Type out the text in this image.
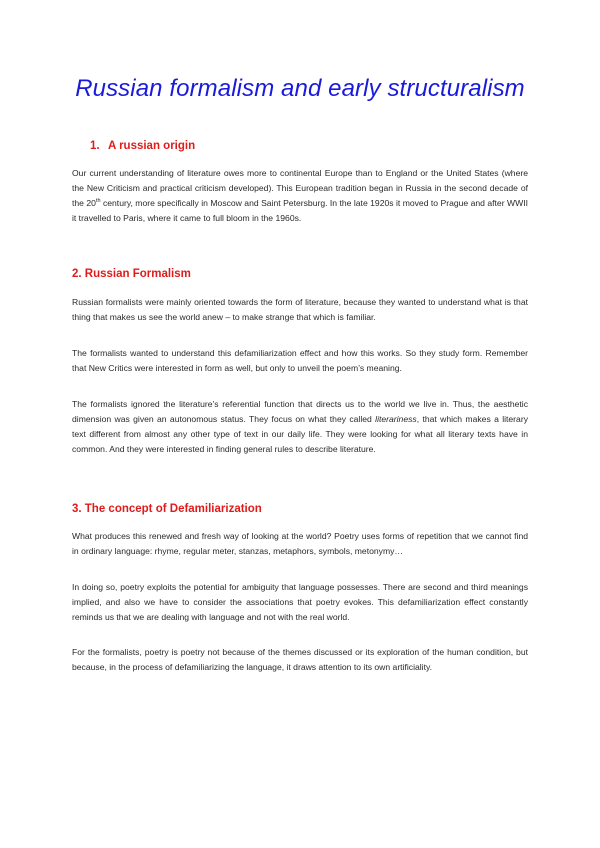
Russian formalism and early structuralism
1. A russian origin

Our current understanding of literature owes more to continental Europe than to England or the United States (where the New Criticism and practical criticism developed). This European tradition began in Russia in the second decade of the 20th century, more specifically in Moscow and Saint Petersburg. In the late 1920s it moved to Prague and after WWII it travelled to Paris, where it came to full bloom in the 1960s.

2. Russian Formalism

Russian formalists were mainly oriented towards the form of literature, because they wanted to understand what is that thing that makes us see the world anew – to make strange that which is familiar.

The formalists wanted to understand this defamiliarization effect and how this works. So they study form. Remember that New Critics were interested in form as well, but only to unveil the poem’s meaning.

The formalists ignored the literature’s referential function that directs us to the world we live in. Thus, the aesthetic dimension was given an autonomous status. They focus on what they called literariness, that which makes a literary text different from almost any other type of text in our daily life. They were looking for what all literary texts have in common. And they were interested in finding general rules to describe literature.

3. The concept of Defamiliarization

What produces this renewed and fresh way of looking at the world? Poetry uses forms of repetition that we cannot find in ordinary language: rhyme, regular meter, stanzas, metaphors, symbols, metonymy…

In doing so, poetry exploits the potential for ambiguity that language possesses. There are second and third meanings implied, and also we have to consider the associations that poetry evokes. This defamiliarization effect constantly reminds us that we are dealing with language and not with the real world.

For the formalists, poetry is poetry not because of the themes discussed or its exploration of the human condition, but because, in the process of defamiliarizing the language, it draws attention to its own artificiality.
